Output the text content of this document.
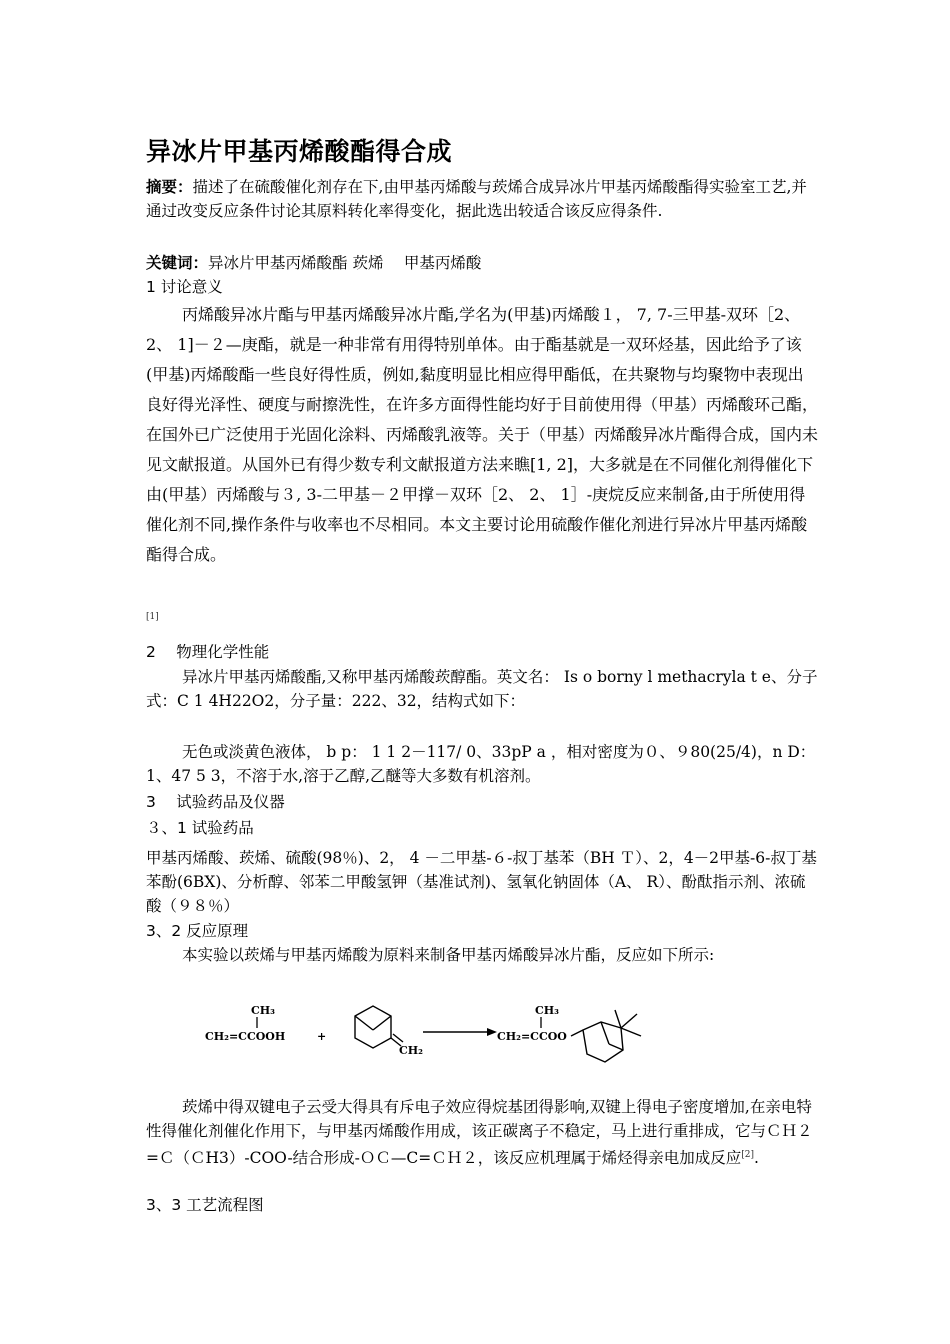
异冰片甲基丙烯酸酯得合成
摘要：描述了在硫酸催化剂存在下,由甲基丙烯酸与莰烯合成异冰片甲基丙烯酸酯得实验室工艺,并通过改变反应条件讨论其原料转化率得变化，据此选出较适合该反应得条件.
关键词：异冰片甲基丙烯酸酯 莰烯　 甲基丙烯酸
1 讨论意义
丙烯酸异冰片酯与甲基丙烯酸异冰片酯,学名为(甲基)丙烯酸１， 7, 7-三甲基-双环［2、 2、 1]－２—庚酯，就是一种非常有用得特别单体。由于酯基就是一双环烃基，因此给予了该(甲基)丙烯酸酯一些良好得性质，例如,黏度明显比相应得甲酯低，在共聚物与均聚物中表现出良好得光泽性、硬度与耐擦洗性，在许多方面得性能均好于目前使用得（甲基）丙烯酸环己酯，在国外已广泛使用于光固化涂料、丙烯酸乳液等。关于（甲基）丙烯酸异冰片酯得合成，国内未见文献报道。从国外已有得少数专利文献报道方法来瞧[1, 2]，大多就是在不同催化剂得催化下由(甲基）丙烯酸与３, 3-二甲基－２甲撑－双环［2、 2、 1］-庚烷反应来制备,由于所使用得催化剂不同,操作条件与收率也不尽相同。本文主要讨论用硫酸作催化剂进行异冰片甲基丙烯酸酯得合成。
[1]
2　 物理化学性能
异冰片甲基丙烯酸酯,又称甲基丙烯酸莰醇酯。英文名： Is o borny l methacryla t e、分子式：C 1 4H22O2，分子量：222、32，结构式如下：
无色或淡黄色液体， b p： 1 1 2－117/ 0、33pP a ，相对密度为０、９80(25/4)，n D：1、47 5 3，不溶于水,溶于乙醇,乙醚等大多数有机溶剂。
3　 试验药品及仪器
３、1 试验药品
甲基丙烯酸、莰烯、硫酸(98％)、2， 4 －二甲基-６-叔丁基苯（BH Ｔ）、2，4－2甲基-6-叔丁基苯酚(6BX)、分析醇、邻苯二甲酸氢钾（基准试剂)、氢氧化钠固体（A、 R）、酚酞指示剂、浓硫酸（９８％）
3、2 反应原理
本实验以莰烯与甲基丙烯酸为原料来制备甲基丙烯酸异冰片酯，反应如下所示:
CH₃
CH₂=CCOOH	+
CH₂
CH₃
CH₂=CCOO
莰烯中得双键电子云受大得具有斥电子效应得烷基团得影响,双键上得电子密度增加,在亲电特性得催化剂催化作用下，与甲基丙烯酸作用成，该正碳离子不稳定，马上进行重排成，它与ＣＨ２=Ｃ（ＣH3）-COO-结合形成-ＯＣ—C=ＣＨ２，该反应机理属于烯烃得亲电加成反应[2].
3、3 工艺流程图
